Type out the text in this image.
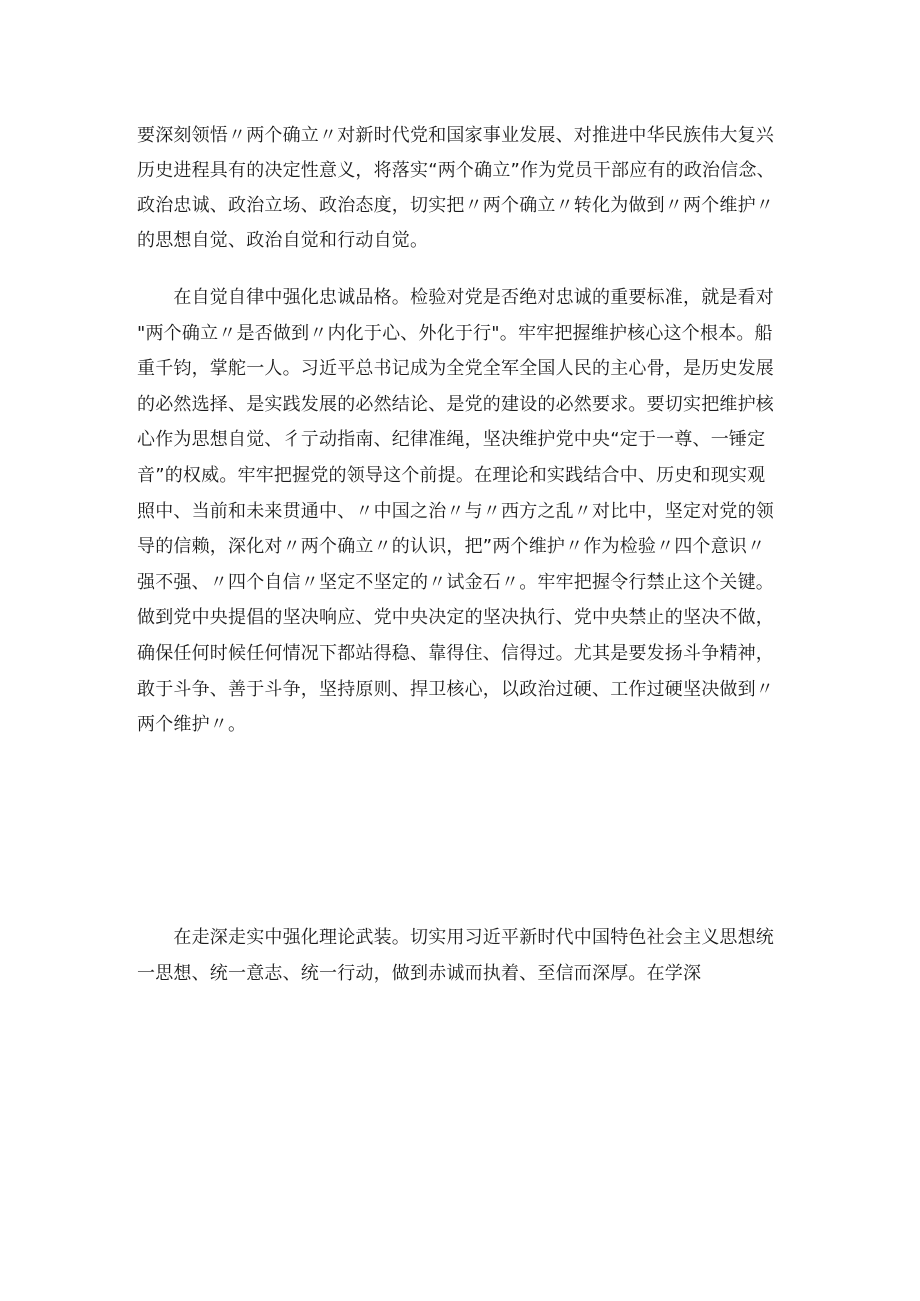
要深刻领悟〃两个确立〃对新时代党和国家事业发展、对推进中华民族伟大复兴
历史进程具有的决定性意义，将落实“两个确立”作为党员干部应有的政治信念、
政治忠诚、政治立场、政治态度，切实把〃两个确立〃转化为做到〃两个维护〃
的思想自觉、政治自觉和行动自觉。
　　在自觉自律中强化忠诚品格。检验对党是否绝对忠诚的重要标准，就是看对
"两个确立〃是否做到〃内化于心、外化于行"。牢牢把握维护核心这个根本。船
重千钧，掌舵一人。习近平总书记成为全党全军全国人民的主心骨，是历史发展
的必然选择、是实践发展的必然结论、是党的建设的必然要求。要切实把维护核
心作为思想自觉、彳亍动指南、纪律准绳，坚决维护党中央“定于一尊、一锤定
音”的权威。牢牢把握党的领导这个前提。在理论和实践结合中、历史和现实观
照中、当前和未来贯通中、〃中国之治〃与〃西方之乱〃对比中，坚定对党的领
导的信赖，深化对〃两个确立〃的认识，把”两个维护〃作为检验〃四个意识〃
强不强、〃四个自信〃坚定不坚定的〃试金石〃。牢牢把握令行禁止这个关键。
做到党中央提倡的坚决响应、党中央决定的坚决执行、党中央禁止的坚决不做，
确保任何时候任何情况下都站得稳、靠得住、信得过。尤其是要发扬斗争精神，
敢于斗争、善于斗争，坚持原则、捍卫核心，以政治过硬、工作过硬坚决做到〃
两个维护〃。
　　在走深走实中强化理论武装。切实用习近平新时代中国特色社会主义思想统
一思想、统一意志、统一行动，做到赤诚而执着、至信而深厚。在学深
